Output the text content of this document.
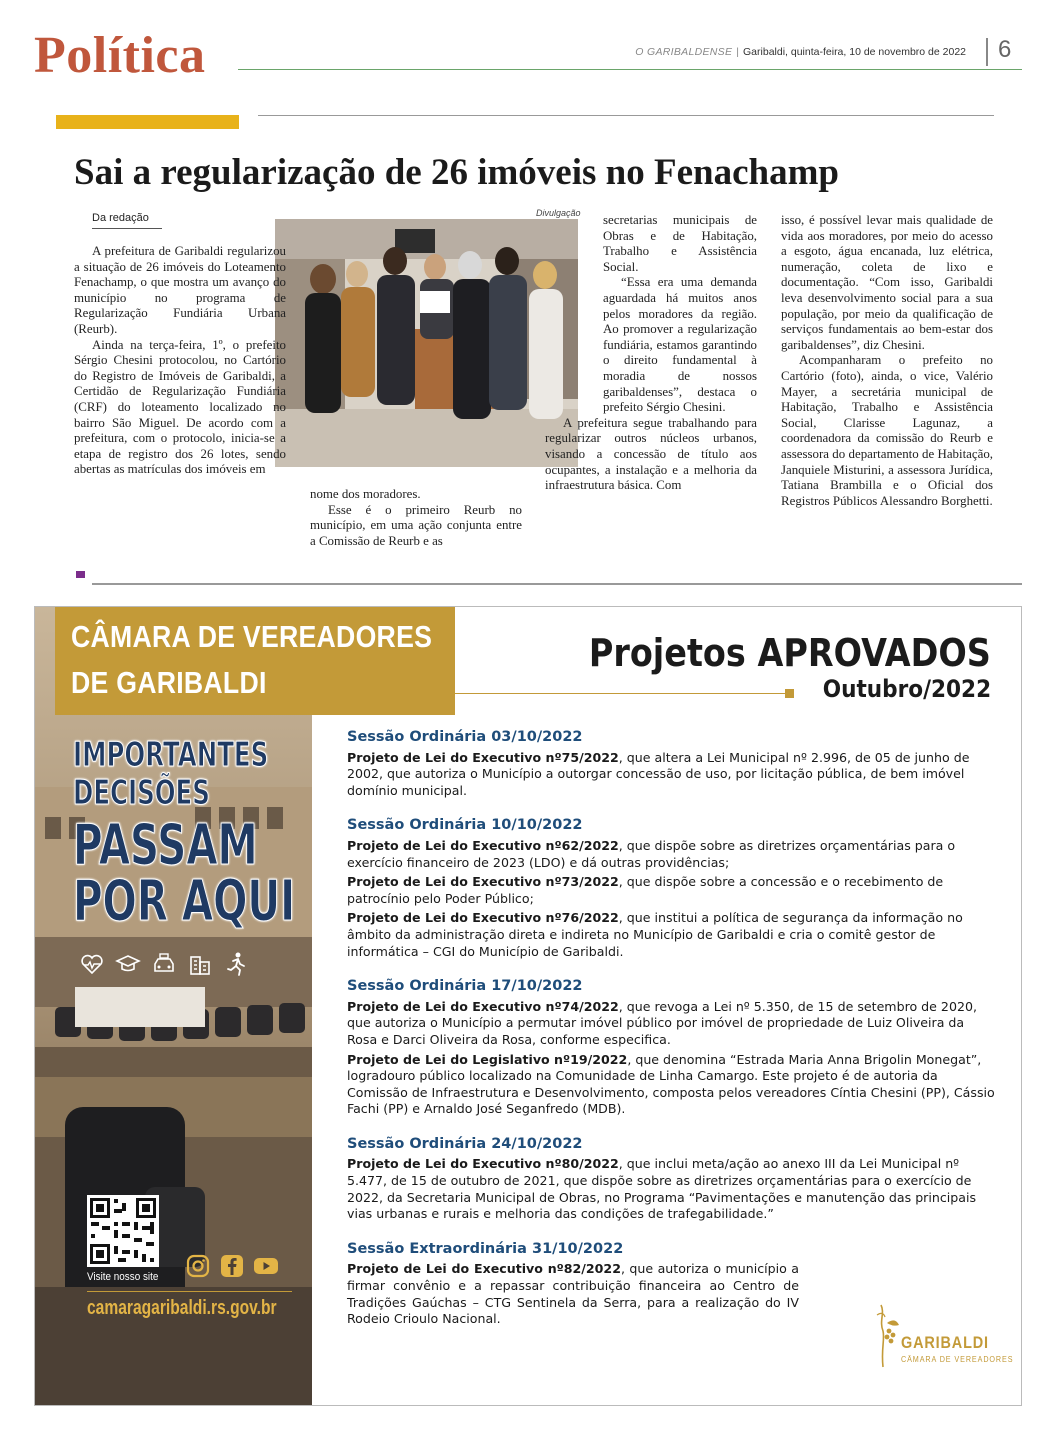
Política	O GARIBALDENSE | Garibaldi, quinta-feira, 10 de novembro de 2022 6
Sai a regularização de 26 imóveis no Fenachamp
Da redação	Divulgação

A prefeitura de Garibaldi regularizou a situação de 26 imóveis do Loteamento Fenachamp, o que mostra um avanço do município no programa de Regularização Fundiária Urbana (Reurb).

Ainda na terça-feira, 1º, o prefeito Sérgio Chesini protocolou, no Cartório do Registro de Imóveis de Garibaldi, a Certidão de Regularização Fundiária (CRF) do loteamento localizado no bairro São Miguel. De acordo com a prefeitura, com o protocolo, inicia-se a etapa de registro dos 26 lotes, sendo abertas as matrículas dos imóveis em

nome dos moradores.

Esse é o primeiro Reurb no município, em uma ação conjunta entre a Comissão de Reurb e as

secretarias municipais de Obras e de Habitação, Trabalho e Assistência Social.

“Essa era uma demanda aguardada há muitos anos pelos moradores da região. Ao promover a regularização fundiária, estamos garantindo o direito fundamental à moradia de nossos garibaldenses”, destaca o prefeito Sérgio Chesini.

A prefeitura segue trabalhando para regularizar outros núcleos urbanos, visando a concessão de título aos ocupantes, a instalação e a melhoria da infraestrutura básica. Com

isso, é possível levar mais qualidade de vida aos moradores, por meio do acesso a esgoto, água encanada, luz elétrica, numeração, coleta de lixo e documentação. “Com isso, Garibaldi leva desenvolvimento social para a sua população, por meio da qualificação de serviços fundamentais ao bem-estar dos garibaldenses”, diz Chesini.

Acompanharam o prefeito no Cartório (foto), ainda, o vice, Valério Mayer, a secretária municipal de Habitação, Trabalho e Assistência Social, Clarisse Lagunaz, a coordenadora da comissão do Reurb e assessora do departamento de Habitação, Janquiele Misturini, a assessora Jurídica, Tatiana Brambilla e o Oficial dos Registros Públicos Alessandro Borghetti.

IMPORTANTES
DECISÕES
PASSAM
POR AQUI
Visite nosso site
camaragaribaldi.rs.gov.br
CÂMARA DE VEREADORES
DE GARIBALDI
Projetos APROVADOS
Outubro/2022
Sessão Ordinária 03/10/2022
Projeto de Lei do Executivo nº75/2022, que altera a Lei Municipal nº 2.996, de 05 de junho de 2002, que autoriza o Município a outorgar concessão de uso, por licitação pública, de bem imóvel domínio municipal.
Sessão Ordinária 10/10/2022
Projeto de Lei do Executivo nº62/2022, que dispõe sobre as diretrizes orçamentárias para o exercício financeiro de 2023 (LDO) e dá outras providências;
Projeto de Lei do Executivo nº73/2022, que dispõe sobre a concessão e o recebimento de patrocínio pelo Poder Público;
Projeto de Lei do Executivo nº76/2022, que institui a política de segurança da informação no âmbito da administração direta e indireta no Município de Garibaldi e cria o comitê gestor de informática – CGI do Município de Garibaldi.
Sessão Ordinária 17/10/2022
Projeto de Lei do Executivo nº74/2022, que revoga a Lei nº 5.350, de 15 de setembro de 2020, que autoriza o Município a permutar imóvel público por imóvel de propriedade de Luiz Oliveira da Rosa e Darci Oliveira da Rosa, conforme especifica.
Projeto de Lei do Legislativo nº19/2022, que denomina “Estrada Maria Anna Brigolin Monegat”, logradouro público localizado na Comunidade de Linha Camargo. Este projeto é de autoria da Comissão de Infraestrutura e Desenvolvimento, composta pelos vereadores Cíntia Chesini (PP), Cássio Fachi (PP) e Arnaldo José Seganfredo (MDB).
Sessão Ordinária 24/10/2022
Projeto de Lei do Executivo nº80/2022, que inclui meta/ação ao anexo III da Lei Municipal nº 5.477, de 15 de outubro de 2021, que dispõe sobre as diretrizes orçamentárias para o exercício de 2022, da Secretaria Municipal de Obras, no Programa “Pavimentações e manutenção das principais vias urbanas e rurais e melhoria das condições de trafegabilidade.”
Sessão Extraordinária 31/10/2022
Projeto de Lei do Executivo nº82/2022, que autoriza o município a firmar convênio e a repassar contribuição financeira ao Centro de Tradições Gaúchas – CTG Sentinela da Serra, para a realização do IV Rodeio Crioulo Nacional.
GARIBALDI
CÂMARA DE VEREADORES
